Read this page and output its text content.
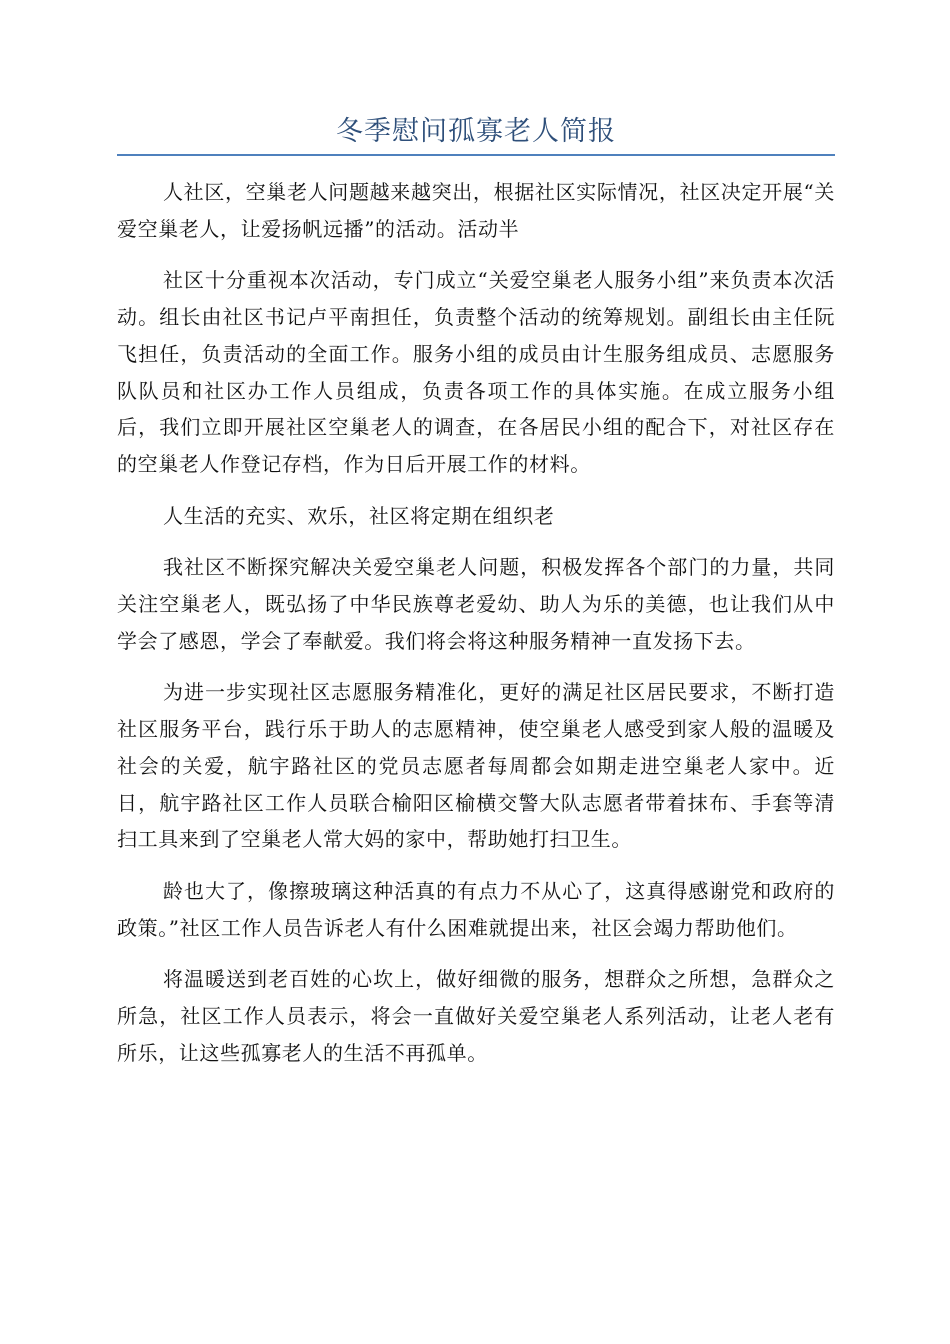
冬季慰问孤寡老人简报

人社区，空巢老人问题越来越突出，根据社区实际情况，社区决定开展“关爱空巢老人，让爱扬帆远播”的活动。活动半

社区十分重视本次活动，专门成立“关爱空巢老人服务小组”来负责本次活动。组长由社区书记卢平南担任，负责整个活动的统筹规划。副组长由主任阮飞担任，负责活动的全面工作。服务小组的成员由计生服务组成员、志愿服务队队员和社区办工作人员组成，负责各项工作的具体实施。在成立服务小组后，我们立即开展社区空巢老人的调查，在各居民小组的配合下，对社区存在的空巢老人作登记存档，作为日后开展工作的材料。

人生活的充实、欢乐，社区将定期在组织老

我社区不断探究解决关爱空巢老人问题，积极发挥各个部门的力量，共同关注空巢老人，既弘扬了中华民族尊老爱幼、助人为乐的美德，也让我们从中学会了感恩，学会了奉献爱。我们将会将这种服务精神一直发扬下去。

为进一步实现社区志愿服务精准化，更好的满足社区居民要求，不断打造社区服务平台，践行乐于助人的志愿精神，使空巢老人感受到家人般的温暖及社会的关爱，航宇路社区的党员志愿者每周都会如期走进空巢老人家中。近日，航宇路社区工作人员联合榆阳区榆横交警大队志愿者带着抹布、手套等清扫工具来到了空巢老人常大妈的家中，帮助她打扫卫生。

龄也大了，像擦玻璃这种活真的有点力不从心了，这真得感谢党和政府的政策。”社区工作人员告诉老人有什么困难就提出来，社区会竭力帮助他们。

将温暖送到老百姓的心坎上，做好细微的服务，想群众之所想，急群众之所急，社区工作人员表示，将会一直做好关爱空巢老人系列活动，让老人老有所乐，让这些孤寡老人的生活不再孤单。
